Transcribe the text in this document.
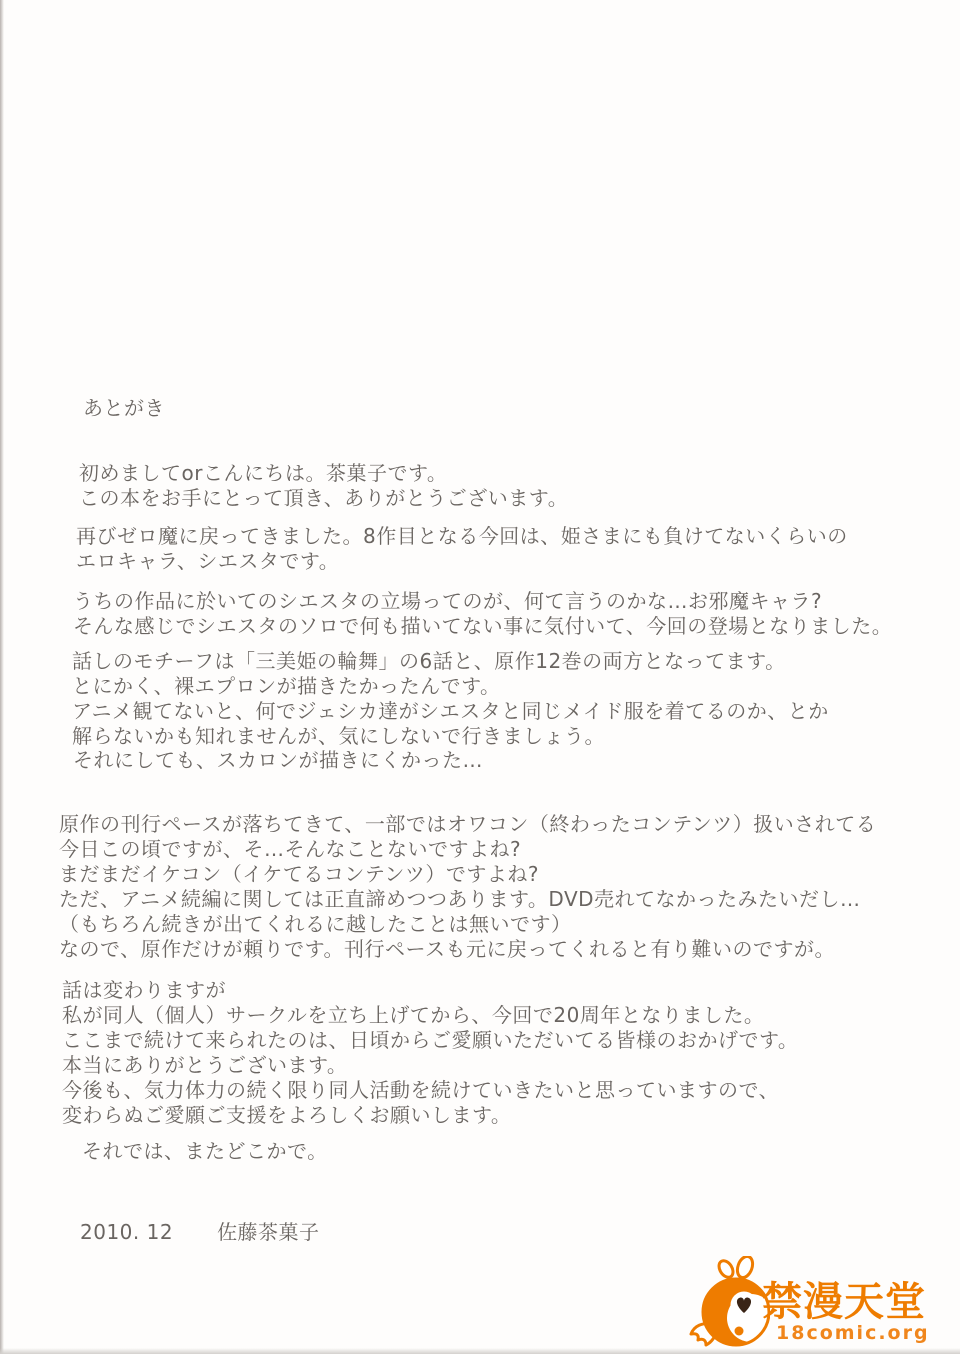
あとがき
初めましてorこんにちは。茶菓子です。
この本をお手にとって頂き、ありがとうございます。
再びゼロ魔に戻ってきました。8作目となる今回は、姫さまにも負けてないくらいの
エロキャラ、シエスタです。
うちの作品に於いてのシエスタの立場ってのが、何て言うのかな…お邪魔キャラ?
そんな感じでシエスタのソロで何も描いてない事に気付いて、今回の登場となりました。
話しのモチーフは「三美姫の輪舞」の6話と、原作12巻の両方となってます。
とにかく、裸エプロンが描きたかったんです。
アニメ観てないと、何でジェシカ達がシエスタと同じメイド服を着てるのか、とか
解らないかも知れませんが、気にしないで行きましょう。
それにしても、スカロンが描きにくかった…
原作の刊行ペースが落ちてきて、一部ではオワコン（終わったコンテンツ）扱いされてる
今日この頃ですが、そ…そんなことないですよね?
まだまだイケコン（イケてるコンテンツ）ですよね?
ただ、アニメ続編に関しては正直諦めつつあります。DVD売れてなかったみたいだし…
（もちろん続きが出てくれるに越したことは無いです）
なので、原作だけが頼りです。刊行ペースも元に戻ってくれると有り難いのですが。
話は変わりますが
私が同人（個人）サークルを立ち上げてから、今回で20周年となりました。
ここまで続けて来られたのは、日頃からご愛願いただいてる皆様のおかげです。
本当にありがとうございます。
今後も、気力体力の続く限り同人活動を続けていきたいと思っていますので、
変わらぬご愛願ご支援をよろしくお願いします。
それでは、またどこかで。
2010. 12 佐藤茶菓子
禁漫天堂
18comic.org
